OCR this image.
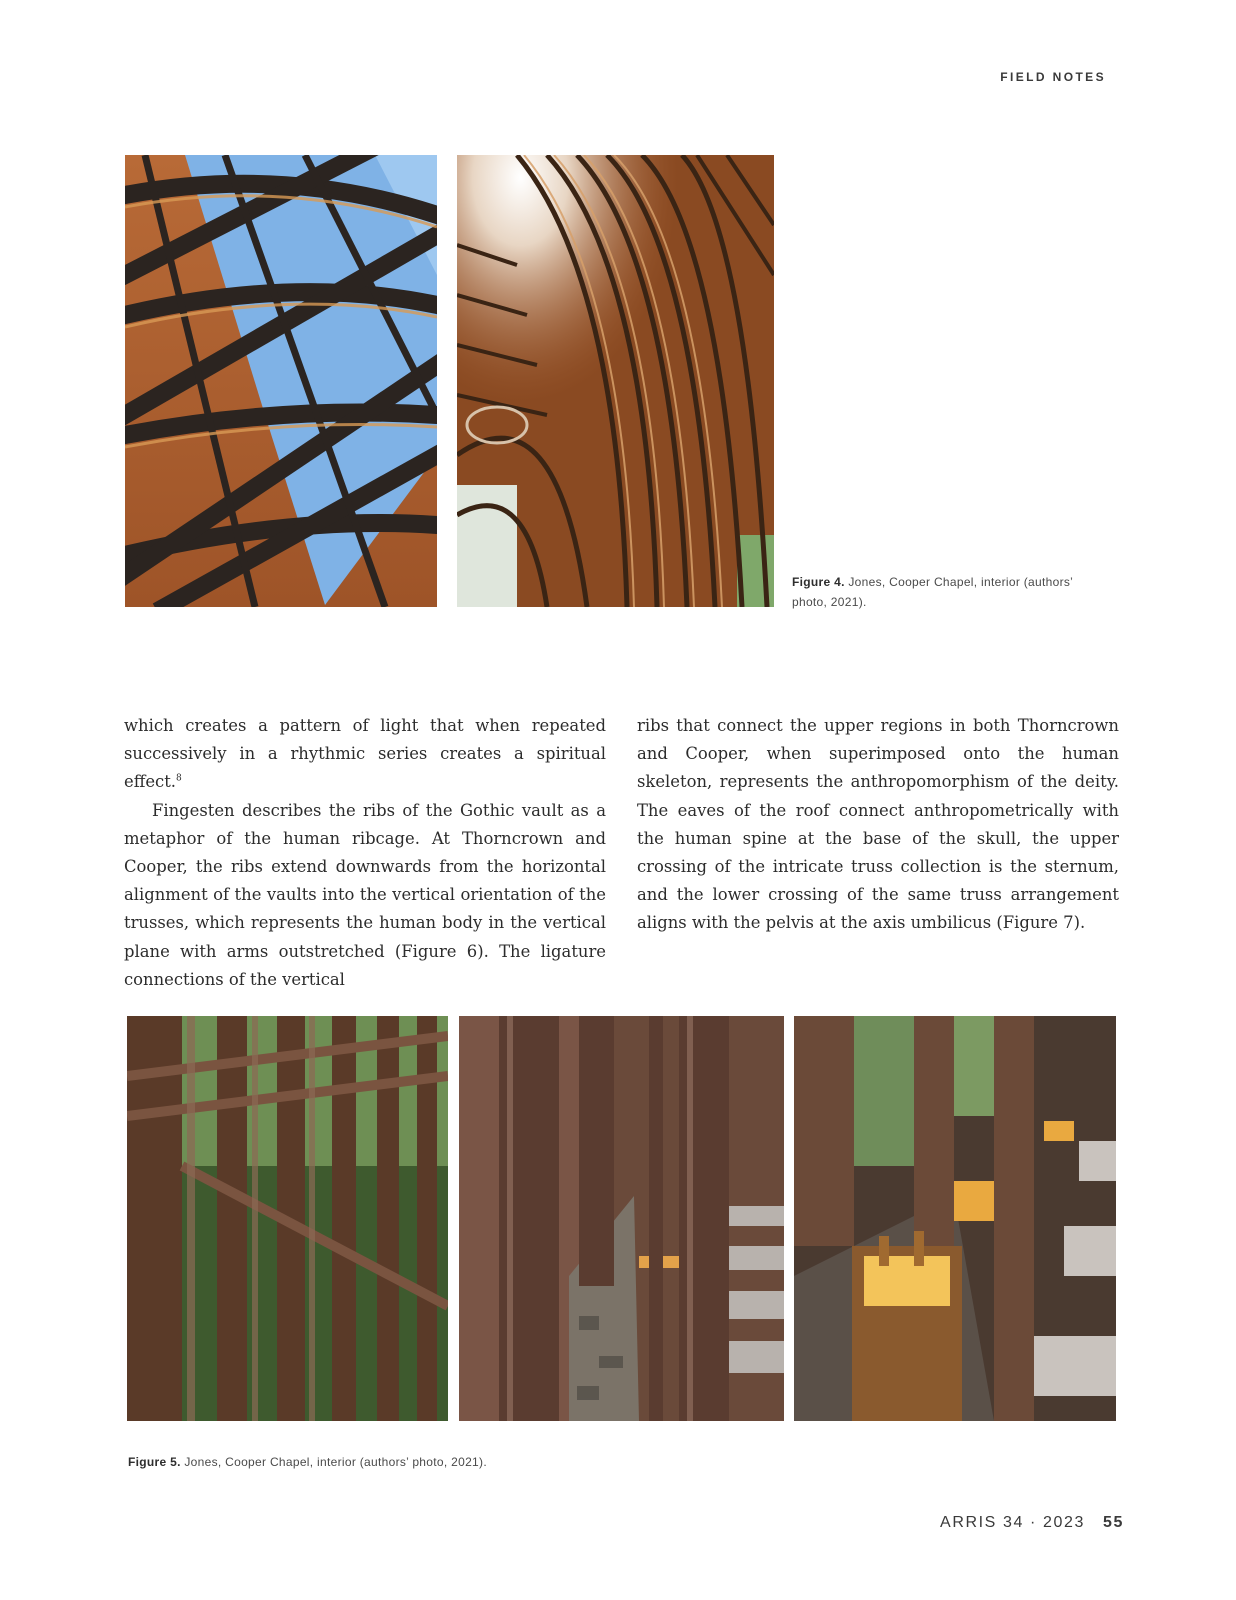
FIELD NOTES
Figure 4. Jones, Cooper Chapel, interior (authors’ photo, 2021).

which creates a pattern of light that when repeated successively in a rhythmic series creates a spiritual effect.$^8$

Fingesten describes the ribs of the Gothic vault as a metaphor of the human ribcage. At Thorncrown and Cooper, the ribs extend downwards from the horizontal alignment of the vaults into the vertical orientation of the trusses, which represents the human body in the vertical plane with arms outstretched (Figure 6). The ligature connections of the vertical

ribs that connect the upper regions in both Thorncrown and Cooper, when superimposed onto the human skeleton, represents the anthropomorphism of the deity. The eaves of the roof connect anthropometrically with the human spine at the base of the skull, the upper crossing of the intricate truss collection is the sternum, and the lower crossing of the same truss arrangement aligns with the pelvis at the axis umbilicus (Figure 7).

Figure 5. Jones, Cooper Chapel, interior (authors’ photo, 2021).
ARRIS 34 · 2023 55
